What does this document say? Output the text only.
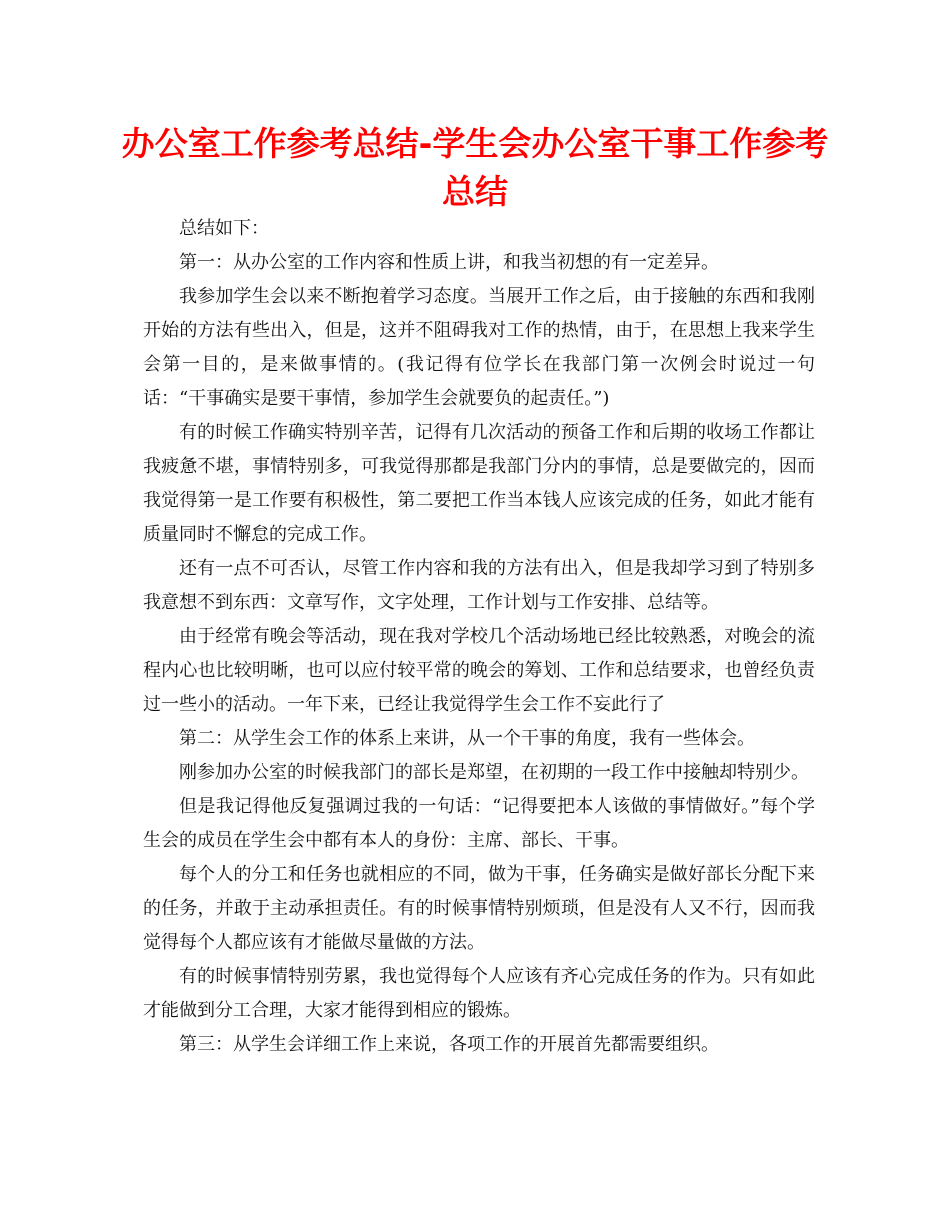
办公室工作参考总结-学生会办公室干事工作参考总结

总结如下：

第一：从办公室的工作内容和性质上讲，和我当初想的有一定差异。

我参加学生会以来不断抱着学习态度。当展开工作之后，由于接触的东西和我刚开始的方法有些出入，但是，这并不阻碍我对工作的热情，由于，在思想上我来学生会第一目的，是来做事情的。(我记得有位学长在我部门第一次例会时说过一句话：“干事确实是要干事情，参加学生会就要负的起责任。”)

有的时候工作确实特别辛苦，记得有几次活动的预备工作和后期的收场工作都让我疲惫不堪，事情特别多，可我觉得那都是我部门分内的事情，总是要做完的，因而我觉得第一是工作要有积极性，第二要把工作当本钱人应该完成的任务，如此才能有质量同时不懈怠的完成工作。

还有一点不可否认，尽管工作内容和我的方法有出入，但是我却学习到了特别多我意想不到东西：文章写作，文字处理，工作计划与工作安排、总结等。

由于经常有晚会等活动，现在我对学校几个活动场地已经比较熟悉，对晚会的流程内心也比较明晰，也可以应付较平常的晚会的筹划、工作和总结要求，也曾经负责过一些小的活动。一年下来，已经让我觉得学生会工作不妄此行了

第二：从学生会工作的体系上来讲，从一个干事的角度，我有一些体会。

刚参加办公室的时候我部门的部长是郑望，在初期的一段工作中接触却特别少。

但是我记得他反复强调过我的一句话：“记得要把本人该做的事情做好。”每个学生会的成员在学生会中都有本人的身份：主席、部长、干事。

每个人的分工和任务也就相应的不同，做为干事，任务确实是做好部长分配下来的任务，并敢于主动承担责任。有的时候事情特别烦琐，但是没有人又不行，因而我觉得每个人都应该有才能做尽量做的方法。

有的时候事情特别劳累，我也觉得每个人应该有齐心完成任务的作为。只有如此才能做到分工合理，大家才能得到相应的锻炼。

第三：从学生会详细工作上来说，各项工作的开展首先都需要组织。
